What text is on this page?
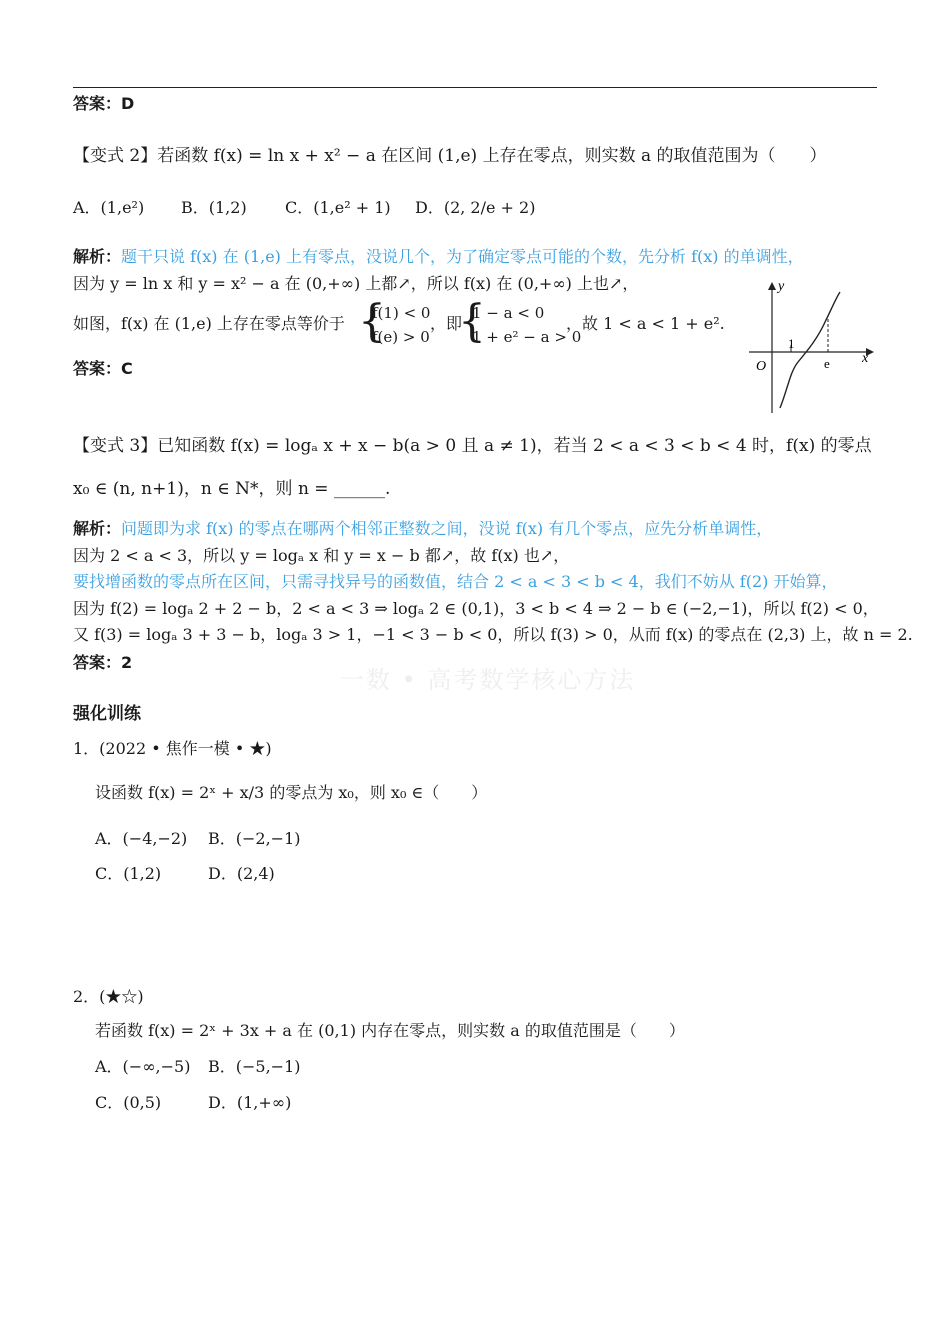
一数 • 高考数学核心方法
答案：D
【变式 2】若函数 f(x) = ln x + x² − a 在区间 (1,e) 上存在零点，则实数 a 的取值范围为（　　）
A．(1,e²) B．(1,2) C．(1,e² + 1) D．(2, 2/e + 2)
解析：题干只说 f(x) 在 (1,e) 上有零点，没说几个，为了确定零点可能的个数，先分析 f(x) 的单调性，
因为 y = ln x 和 y = x² − a 在 (0,+∞) 上都↗，所以 f(x) 在 (0,+∞) 上也↗，
如图，f(x) 在 (1,e) 上存在零点等价于 {
f(1) < 0
f(e) > 0
，即
{
1 − a < 0
1 + e² − a > 0
，故 1 < a < 1 + e².
答案：C
y
x
O
1
e
【变式 3】已知函数 f(x) = logₐ x + x − b(a > 0 且 a ≠ 1)，若当 2 < a < 3 < b < 4 时，f(x) 的零点
x₀ ∈ (n, n+1)，n ∈ N*，则 n = ______.
解析：问题即为求 f(x) 的零点在哪两个相邻正整数之间，没说 f(x) 有几个零点，应先分析单调性，
因为 2 < a < 3，所以 y = logₐ x 和 y = x − b 都↗，故 f(x) 也↗，
要找增函数的零点所在区间，只需寻找异号的函数值，结合 2 < a < 3 < b < 4，我们不妨从 f(2) 开始算，
因为 f(2) = logₐ 2 + 2 − b，2 < a < 3 ⇒ logₐ 2 ∈ (0,1)，3 < b < 4 ⇒ 2 − b ∈ (−2,−1)，所以 f(2) < 0，
又 f(3) = logₐ 3 + 3 − b，logₐ 3 > 1，−1 < 3 − b < 0，所以 f(3) > 0，从而 f(x) 的零点在 (2,3) 上，故 n = 2.
答案：2
强化训练
1．(2022 • 焦作一模 • ★)
设函数 f(x) = 2ˣ + x/3 的零点为 x₀，则 x₀ ∈（　　）
A．(−4,−2) B．(−2,−1)
C．(1,2)	D．(2,4)
2．(★☆)
若函数 f(x) = 2ˣ + 3x + a 在 (0,1) 内存在零点，则实数 a 的取值范围是（　　）
A．(−∞,−5) B．(−5,−1)
C．(0,5)	D．(1,+∞)
